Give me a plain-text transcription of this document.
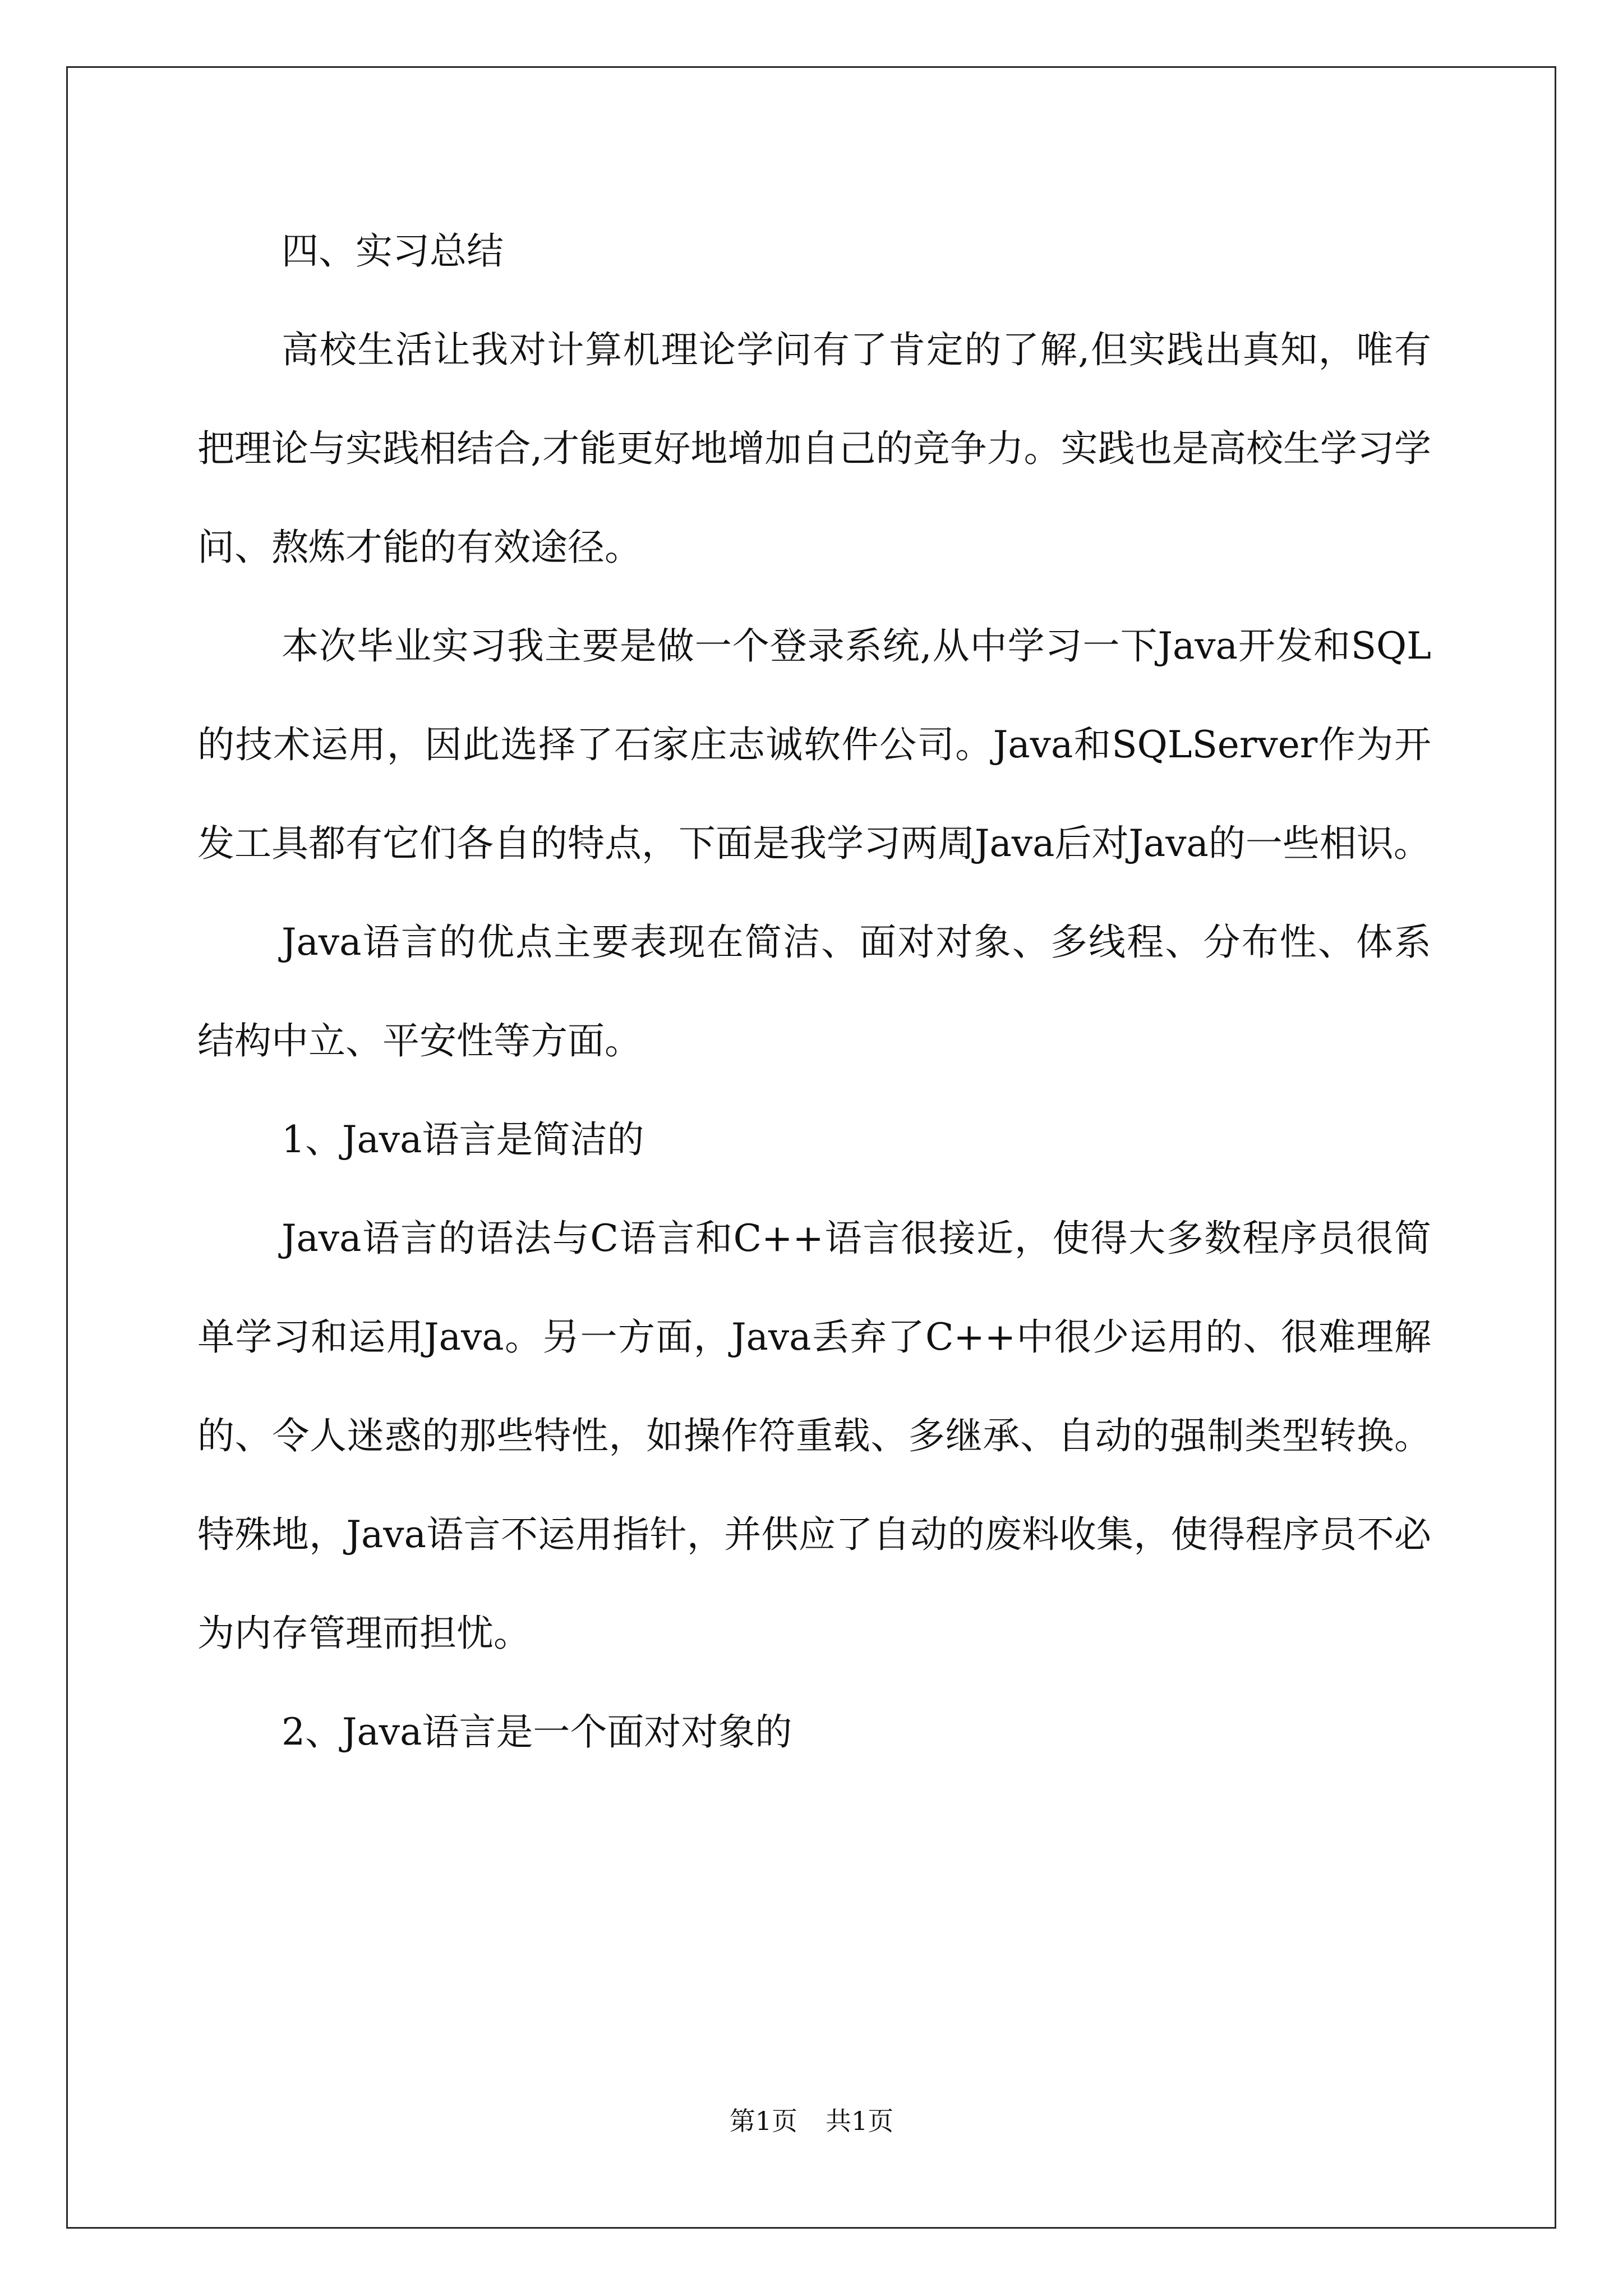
四、实习总结

高校生活让我对计算机理论学问有了肯定的了解,但实践出真知，唯有把理论与实践相结合,才能更好地增加自己的竞争力。实践也是高校生学习学问、熬炼才能的有效途径。

本次毕业实习我主要是做一个登录系统,从中学习一下Java开发和SQL的技术运用，因此选择了石家庄志诚软件公司。Java和SQLServer作为开发工具都有它们各自的特点，下面是我学习两周Java后对Java的一些相识。

Java语言的优点主要表现在简洁、面对对象、多线程、分布性、体系结构中立、平安性等方面。

1、Java语言是简洁的

Java语言的语法与C语言和C++语言很接近，使得大多数程序员很简单学习和运用Java。另一方面，Java丢弃了C++中很少运用的、很难理解的、令人迷惑的那些特性，如操作符重载、多继承、自动的强制类型转换。特殊地，Java语言不运用指针，并供应了自动的废料收集，使得程序员不必为内存管理而担忧。

2、Java语言是一个面对对象的

第1页 共1页
